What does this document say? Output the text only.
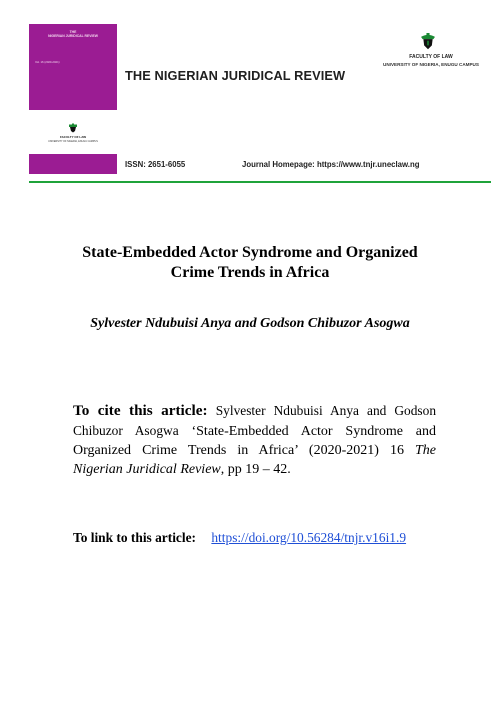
THE
NIGERIAN JURIDICAL REVIEW
Vol. 16 (2020-2021)
FACULTY OF LAW
UNIVERSITY OF NIGERIA, ENUGU CAMPUS
THE NIGERIAN JURIDICAL REVIEW
FACULTY OF LAW
UNIVERSITY OF NIGERIA, ENUGU CAMPUS
ISSN: 2651-6055	Journal Homepage: https://www.tnjr.uneclaw.ng
State-Embedded Actor Syndrome and Organized Crime Trends in Africa
Sylvester Ndubuisi Anya and Godson Chibuzor Asogwa
To cite this article: Sylvester Ndubuisi Anya and Godson Chibuzor Asogwa ‘State-Embedded Actor Syndrome and Organized Crime Trends in Africa’ (2020-2021) 16 The Nigerian Juridical Review, pp 19 – 42.
To link to this article: https://doi.org/10.56284/tnjr.v16i1.9
